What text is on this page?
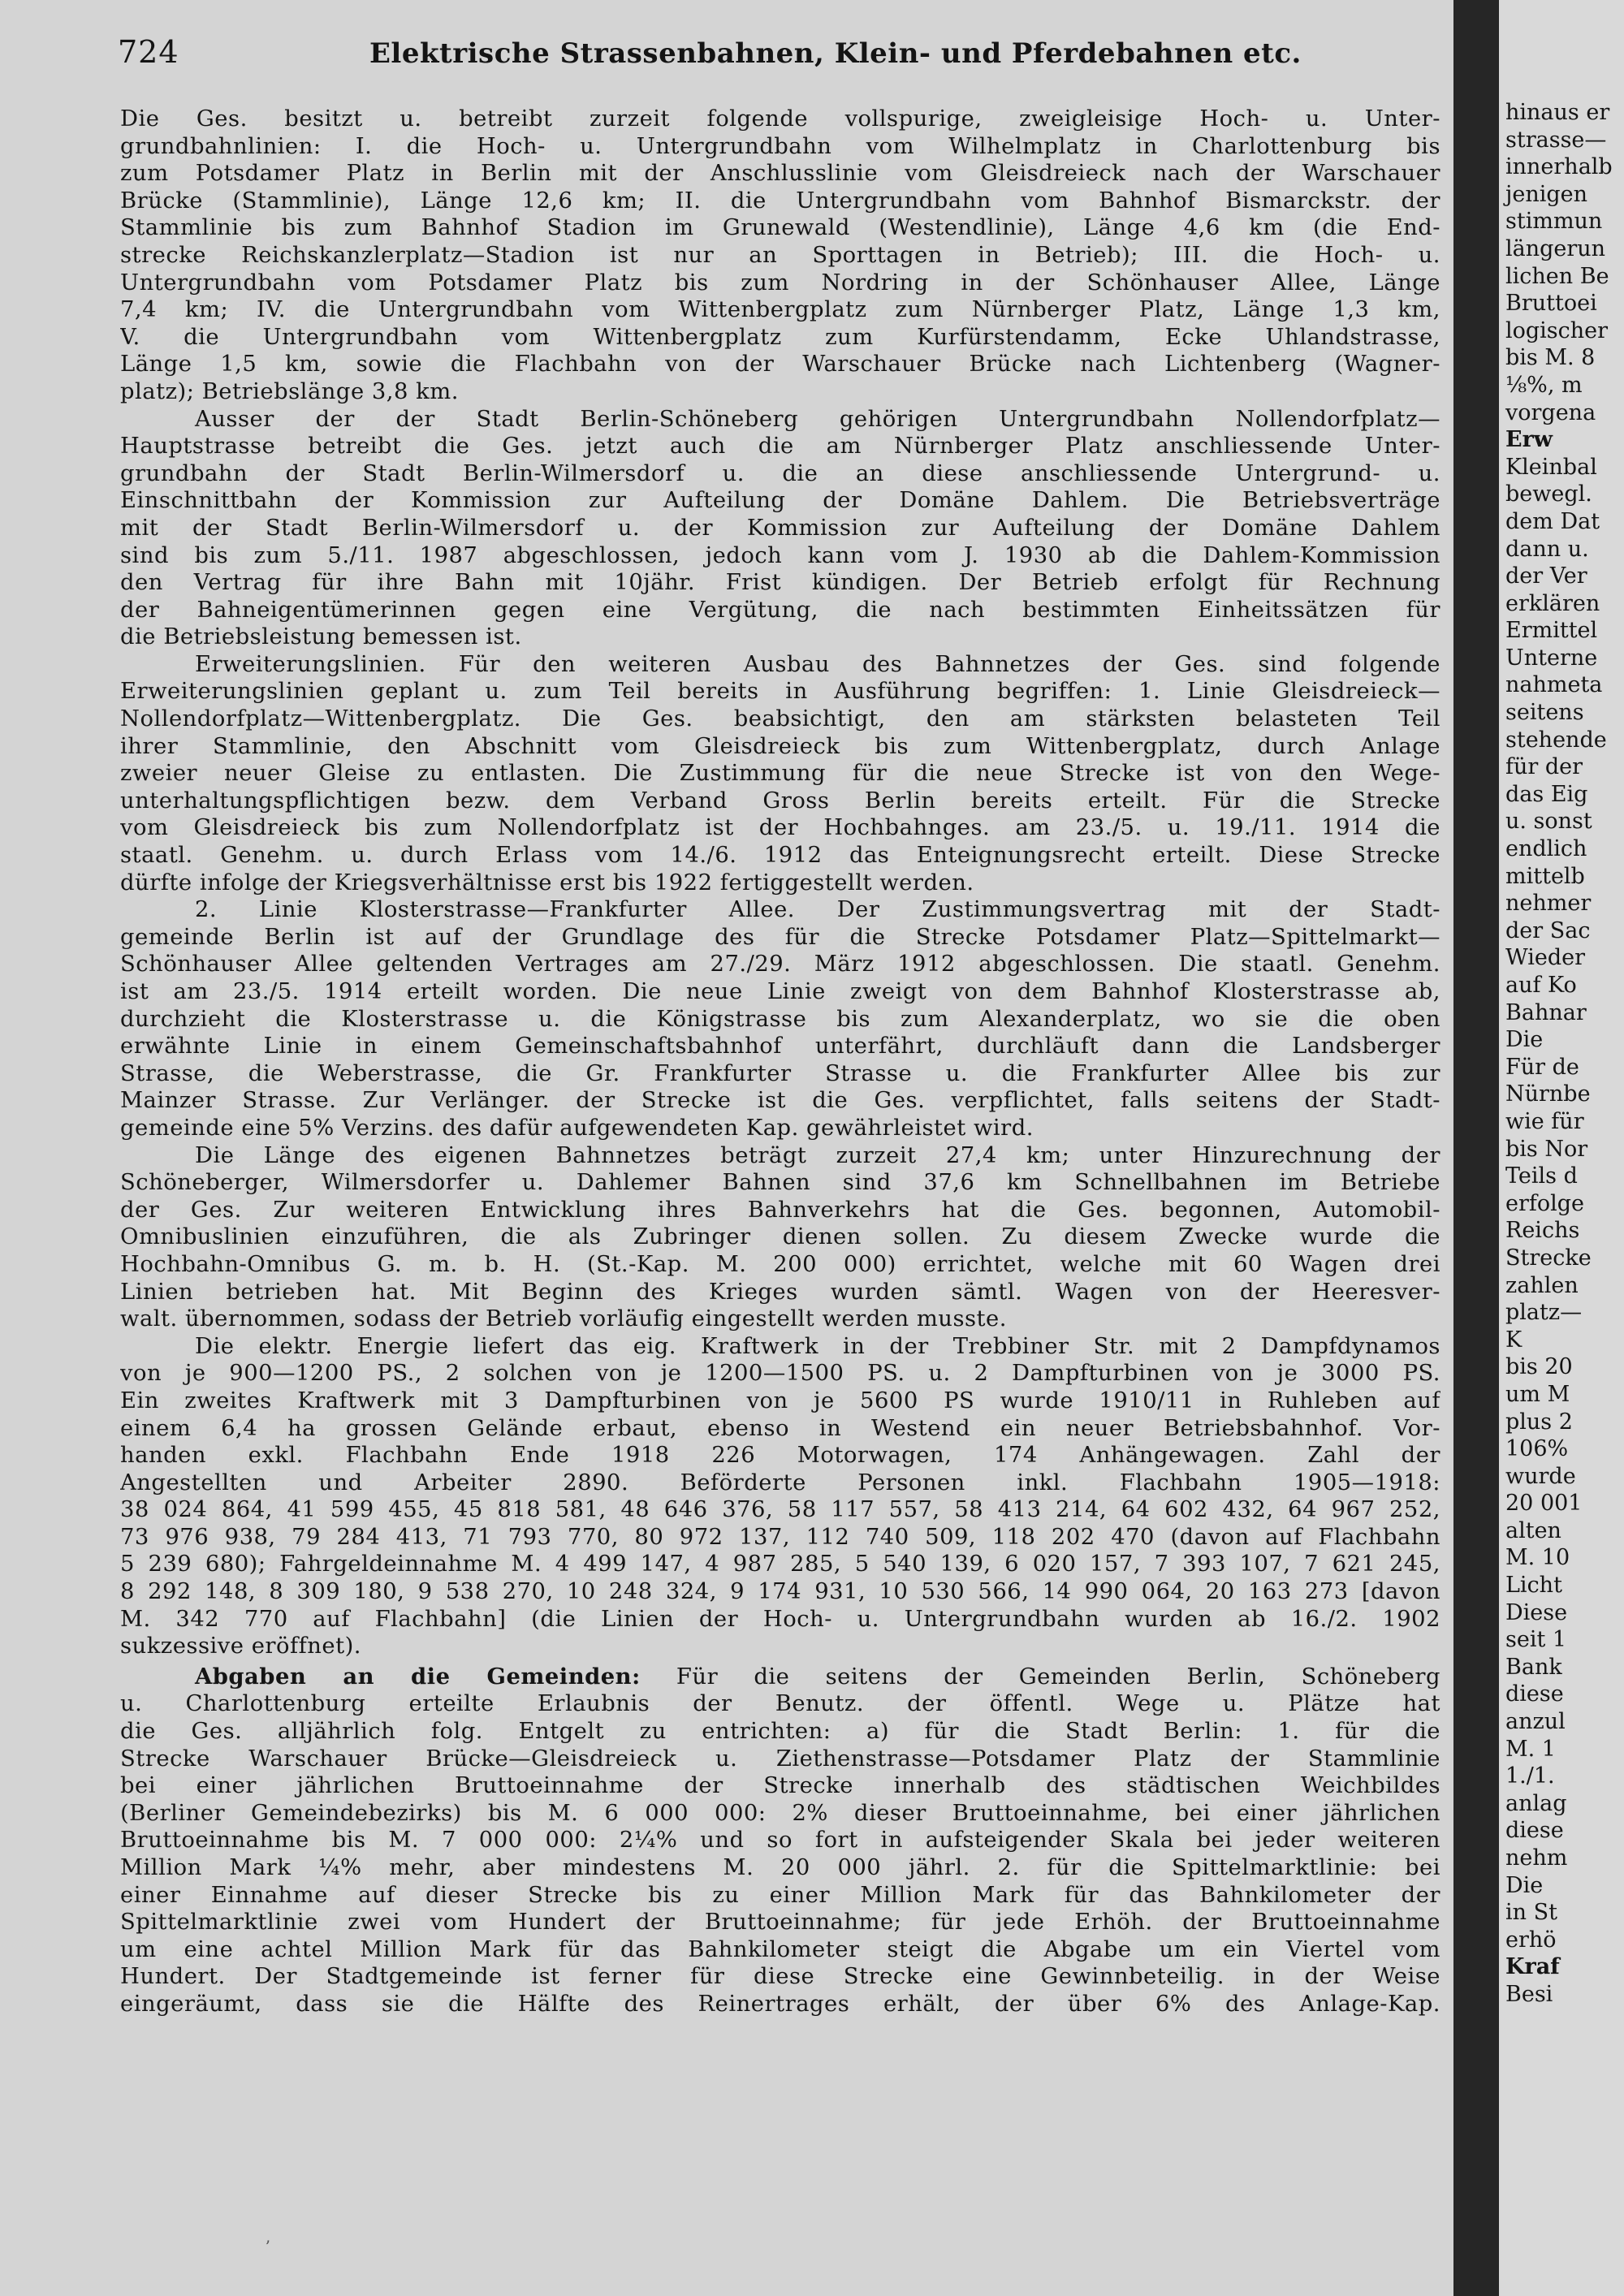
724	Elektrische Strassenbahnen, Klein- und Pferdebahnen etc.
Die Ges. besitzt u. betreibt zurzeit folgende vollspurige, zweigleisige Hoch- u. Unter-
grundbahnlinien: I. die Hoch- u. Untergrundbahn vom Wilhelmplatz in Charlottenburg bis
zum Potsdamer Platz in Berlin mit der Anschlusslinie vom Gleisdreieck nach der Warschauer
Brücke (Stammlinie), Länge 12,6 km; II. die Untergrundbahn vom Bahnhof Bismarckstr. der
Stammlinie bis zum Bahnhof Stadion im Grunewald (Westendlinie), Länge 4,6 km (die End-
strecke Reichskanzlerplatz—Stadion ist nur an Sporttagen in Betrieb); III. die Hoch- u.
Untergrundbahn vom Potsdamer Platz bis zum Nordring in der Schönhauser Allee, Länge
7,4 km; IV. die Untergrundbahn vom Wittenbergplatz zum Nürnberger Platz, Länge 1,3 km,
V. die Untergrundbahn vom Wittenbergplatz zum Kurfürstendamm, Ecke Uhlandstrasse,
Länge 1,5 km, sowie die Flachbahn von der Warschauer Brücke nach Lichtenberg (Wagner-
platz); Betriebslänge 3,8 km.
Ausser der der Stadt Berlin-Schöneberg gehörigen Untergrundbahn Nollendorfplatz—
Hauptstrasse betreibt die Ges. jetzt auch die am Nürnberger Platz anschliessende Unter-
grundbahn der Stadt Berlin-Wilmersdorf u. die an diese anschliessende Untergrund- u.
Einschnittbahn der Kommission zur Aufteilung der Domäne Dahlem. Die Betriebsverträge
mit der Stadt Berlin-Wilmersdorf u. der Kommission zur Aufteilung der Domäne Dahlem
sind bis zum 5./11. 1987 abgeschlossen, jedoch kann vom J. 1930 ab die Dahlem-Kommission
den Vertrag für ihre Bahn mit 10jähr. Frist kündigen. Der Betrieb erfolgt für Rechnung
der Bahneigentümerinnen gegen eine Vergütung, die nach bestimmten Einheitssätzen für
die Betriebsleistung bemessen ist.
Erweiterungslinien. Für den weiteren Ausbau des Bahnnetzes der Ges. sind folgende
Erweiterungslinien geplant u. zum Teil bereits in Ausführung begriffen: 1. Linie Gleisdreieck—
Nollendorfplatz—Wittenbergplatz. Die Ges. beabsichtigt, den am stärksten belasteten Teil
ihrer Stammlinie, den Abschnitt vom Gleisdreieck bis zum Wittenbergplatz, durch Anlage
zweier neuer Gleise zu entlasten. Die Zustimmung für die neue Strecke ist von den Wege-
unterhaltungspflichtigen bezw. dem Verband Gross Berlin bereits erteilt. Für die Strecke
vom Gleisdreieck bis zum Nollendorfplatz ist der Hochbahnges. am 23./5. u. 19./11. 1914 die
staatl. Genehm. u. durch Erlass vom 14./6. 1912 das Enteignungsrecht erteilt. Diese Strecke
dürfte infolge der Kriegsverhältnisse erst bis 1922 fertiggestellt werden.
2. Linie Klosterstrasse—Frankfurter Allee. Der Zustimmungsvertrag mit der Stadt-
gemeinde Berlin ist auf der Grundlage des für die Strecke Potsdamer Platz—Spittelmarkt—
Schönhauser Allee geltenden Vertrages am 27./29. März 1912 abgeschlossen. Die staatl. Genehm.
ist am 23./5. 1914 erteilt worden. Die neue Linie zweigt von dem Bahnhof Klosterstrasse ab,
durchzieht die Klosterstrasse u. die Königstrasse bis zum Alexanderplatz, wo sie die oben
erwähnte Linie in einem Gemeinschaftsbahnhof unterfährt, durchläuft dann die Landsberger
Strasse, die Weberstrasse, die Gr. Frankfurter Strasse u. die Frankfurter Allee bis zur
Mainzer Strasse. Zur Verlänger. der Strecke ist die Ges. verpflichtet, falls seitens der Stadt-
gemeinde eine 5% Verzins. des dafür aufgewendeten Kap. gewährleistet wird.
Die Länge des eigenen Bahnnetzes beträgt zurzeit 27,4 km; unter Hinzurechnung der
Schöneberger, Wilmersdorfer u. Dahlemer Bahnen sind 37,6 km Schnellbahnen im Betriebe
der Ges. Zur weiteren Entwicklung ihres Bahnverkehrs hat die Ges. begonnen, Automobil-
Omnibuslinien einzuführen, die als Zubringer dienen sollen. Zu diesem Zwecke wurde die
Hochbahn-Omnibus G. m. b. H. (St.-Kap. M. 200 000) errichtet, welche mit 60 Wagen drei
Linien betrieben hat. Mit Beginn des Krieges wurden sämtl. Wagen von der Heeresver-
walt. übernommen, sodass der Betrieb vorläufig eingestellt werden musste.
Die elektr. Energie liefert das eig. Kraftwerk in der Trebbiner Str. mit 2 Dampfdynamos
von je 900—1200 PS., 2 solchen von je 1200—1500 PS. u. 2 Dampfturbinen von je 3000 PS.
Ein zweites Kraftwerk mit 3 Dampfturbinen von je 5600 PS wurde 1910/11 in Ruhleben auf
einem 6,4 ha grossen Gelände erbaut, ebenso in Westend ein neuer Betriebsbahnhof. Vor-
handen exkl. Flachbahn Ende 1918 226 Motorwagen, 174 Anhängewagen. Zahl der
Angestellten und Arbeiter 2890. Beförderte Personen inkl. Flachbahn 1905—1918:
38 024 864, 41 599 455, 45 818 581, 48 646 376, 58 117 557, 58 413 214, 64 602 432, 64 967 252,
73 976 938, 79 284 413, 71 793 770, 80 972 137, 112 740 509, 118 202 470 (davon auf Flachbahn
5 239 680); Fahrgeldeinnahme M. 4 499 147, 4 987 285, 5 540 139, 6 020 157, 7 393 107, 7 621 245,
8 292 148, 8 309 180, 9 538 270, 10 248 324, 9 174 931, 10 530 566, 14 990 064, 20 163 273 [davon
M. 342 770 auf Flachbahn] (die Linien der Hoch- u. Untergrundbahn wurden ab 16./2. 1902
sukzessive eröffnet).
Abgaben an die Gemeinden: Für die seitens der Gemeinden Berlin, Schöneberg
u. Charlottenburg erteilte Erlaubnis der Benutz. der öffentl. Wege u. Plätze hat
die Ges. alljährlich folg. Entgelt zu entrichten: a) für die Stadt Berlin: 1. für die
Strecke Warschauer Brücke—Gleisdreieck u. Ziethenstrasse—Potsdamer Platz der Stammlinie
bei einer jährlichen Bruttoeinnahme der Strecke innerhalb des städtischen Weichbildes
(Berliner Gemeindebezirks) bis M. 6 000 000: 2% dieser Bruttoeinnahme, bei einer jährlichen
Bruttoeinnahme bis M. 7 000 000: 2¼% und so fort in aufsteigender Skala bei jeder weiteren
Million Mark ¼% mehr, aber mindestens M. 20 000 jährl. 2. für die Spittelmarktlinie: bei
einer Einnahme auf dieser Strecke bis zu einer Million Mark für das Bahnkilometer der
Spittelmarktlinie zwei vom Hundert der Bruttoeinnahme; für jede Erhöh. der Bruttoeinnahme
um eine achtel Million Mark für das Bahnkilometer steigt die Abgabe um ein Viertel vom
Hundert. Der Stadtgemeinde ist ferner für diese Strecke eine Gewinnbeteilig. in der Weise
eingeräumt, dass sie die Hälfte des Reinertrages erhält, der über 6% des Anlage-Kap.
ʼ
hinaus er
strasse—
innerhalb
jenigen
stimmun
längerun
lichen Be
Bruttoei
logischer
bis M. 8
⅛%, m
vorgena
Erw
Kleinbal
bewegl.
dem Dat
dann u.
der Ver
erklären
Ermittel
Unterne
nahmeta
seitens
stehende
für der
das Eig
u. sonst
endlich
mittelb
nehmer
der Sac
Wieder
auf Ko
Bahnar
Die
Für de
Nürnbe
wie für
bis Nor
Teils d
erfolge
Reichs
Strecke
zahlen
platz—
K
bis 20
um M
plus 2
106%
wurde
20 001
alten
M. 10
Licht
Diese
seit 1
Bank
diese
anzul
M. 1
1./1.
anlag
diese
nehm
Die
in St
erhö
Kraf
Besi
